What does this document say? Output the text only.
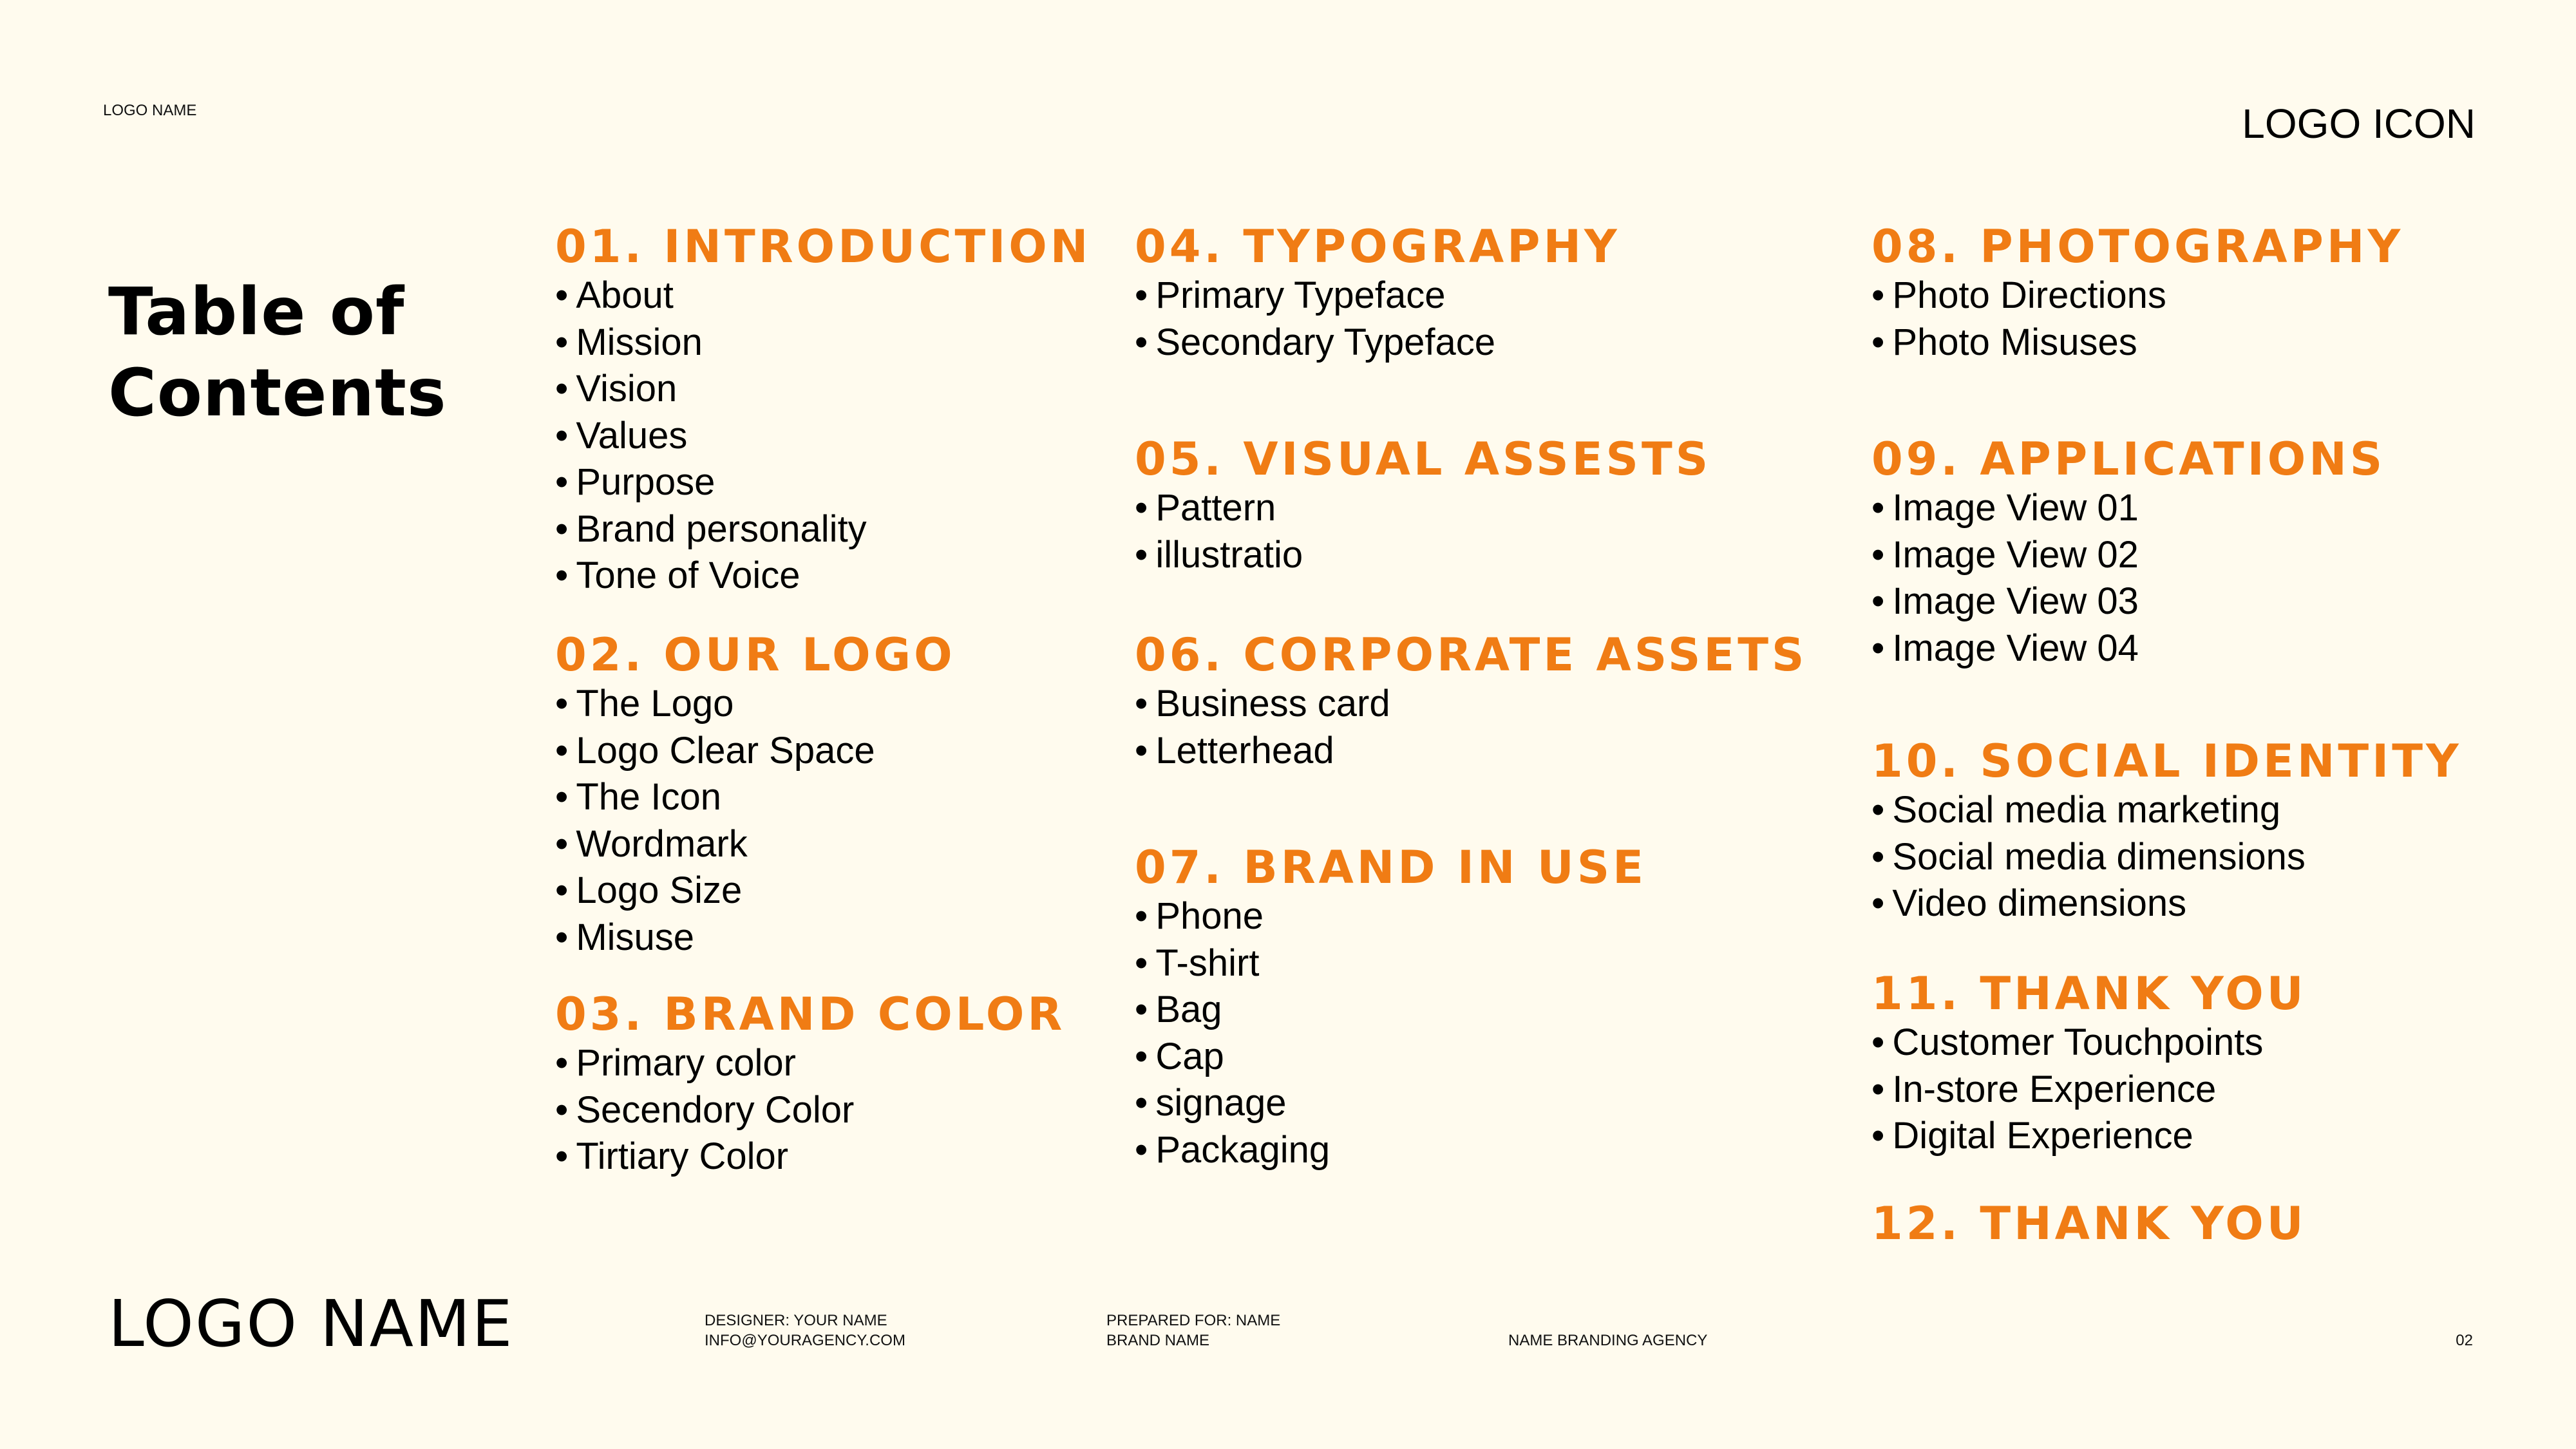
LOGO NAME	LOGO ICON
Table of
Contents
01. INTRODUCTION
• About
• Mission
• Vision
• Values
• Purpose
• Brand personality
• Tone of Voice
02. OUR LOGO
• The Logo
• Logo Clear Space
• The Icon
• Wordmark
• Logo Size
• Misuse
03. BRAND COLOR
• Primary color
• Secendory Color
• Tirtiary Color
04. TYPOGRAPHY
• Primary Typeface
• Secondary Typeface
05. VISUAL ASSESTS
• Pattern
• illustratio
06. CORPORATE ASSETS
• Business card
• Letterhead
07. BRAND IN USE
• Phone
• T-shirt
• Bag
• Cap
• signage
• Packaging
08. PHOTOGRAPHY
• Photo Directions
• Photo Misuses
09. APPLICATIONS
• Image View 01
• Image View 02
• Image View 03
• Image View 04
10. SOCIAL IDENTITY
• Social media marketing
• Social media dimensions
• Video dimensions
11. THANK YOU
• Customer Touchpoints
• In-store Experience
• Digital Experience
12. THANK YOU
LOGO NAME	DESIGNER: YOUR NAME
INFO@YOURAGENCY.COM
PREPARED FOR: NAME
BRAND NAME	NAME BRANDING AGENCY	02
